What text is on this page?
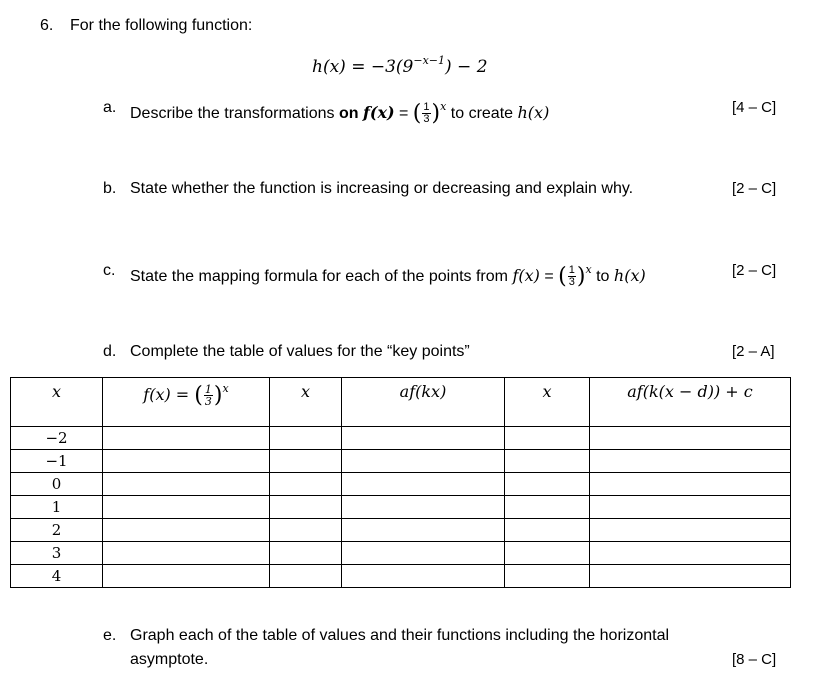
6. For the following function:
$h(x) = -3(9^{-x-1}) - 2$
a. Describe the transformations on f(x) = ( $\frac{1}{3} )^x$ to create h(x)	[4 – C]
b. State whether the function is increasing or decreasing and explain why.	[2 – C]
c. State the mapping formula for each of the points from f(x) = ( $\frac{1}{3} )^x$ to h(x)	[2 – C]
d. Complete the table of values for the “key points”	[2 – A]
x	f(x) = ( $\frac{1}{3} )^x$	x	af(kx)	x	af(k(x − d)) + c
−2					
−1					
0					
1					
2					
3					
4					
e. Graph each of the table of values and their functions including the horizontal
asymptote.	[8 – C]
